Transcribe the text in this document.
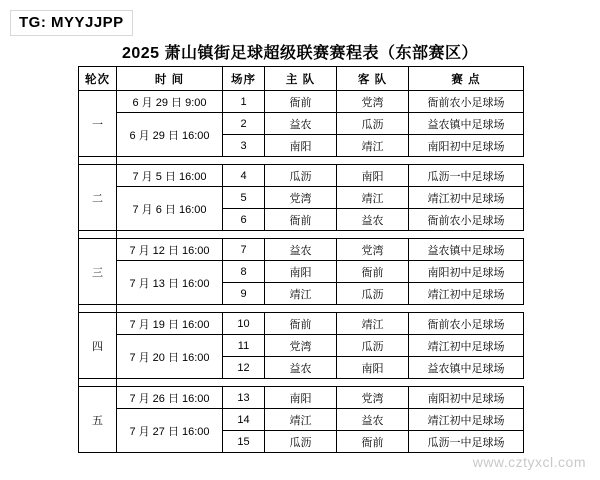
TG: MYYJJPP
2025 萧山镇街足球超级联赛赛程表（东部赛区）
轮次	时 间	场序	主 队	客 队	赛 点
一	6 月 29 日 9:00	1	衙前	党湾	衙前农小足球场
	6 月 29 日 16:00	2	益农	瓜沥	益农镇中足球场
		3	南阳	靖江	南阳初中足球场

二	7 月 5 日 16:00	4	瓜沥	南阳	瓜沥一中足球场
	7 月 6 日 16:00	5	党湾	靖江	靖江初中足球场
		6	衙前	益农	衙前农小足球场

三	7 月 12 日 16:00	7	益农	党湾	益农镇中足球场
	7 月 13 日 16:00	8	南阳	衙前	南阳初中足球场
		9	靖江	瓜沥	靖江初中足球场

四	7 月 19 日 16:00	10	衙前	靖江	衙前农小足球场
	7 月 20 日 16:00	11	党湾	瓜沥	靖江初中足球场
		12	益农	南阳	益农镇中足球场

五	7 月 26 日 16:00	13	南阳	党湾	南阳初中足球场
	7 月 27 日 16:00	14	靖江	益农	靖江初中足球场
		15	瓜沥	衙前	瓜沥一中足球场
www.cztyxcl.com
